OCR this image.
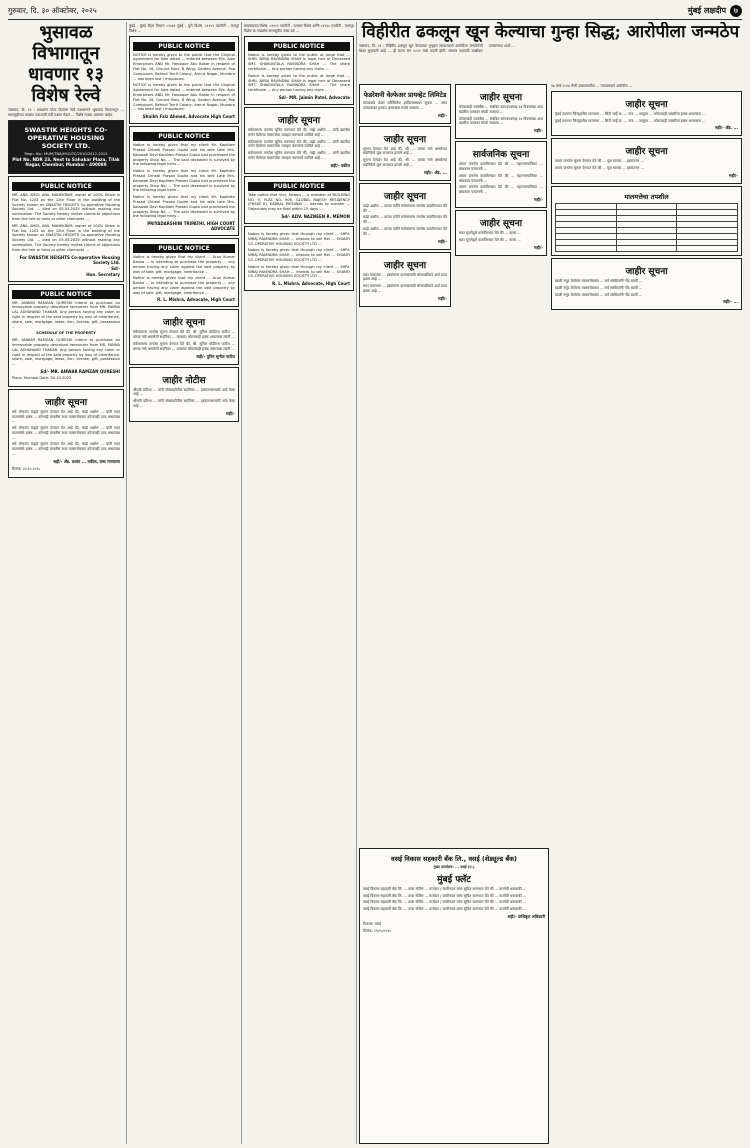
गुरुवार, दि. ३० ऑक्टोबर, २०२५	मुंबई लक्षदीप ७

भुसावळ विभागातून धावणार १३ विशेष रेल्वे

जळगाव, दि. २९ : प्रवाशांना मोठा दिलासा रेल्वे प्रशासनाने भुसावळ विभागातून ... सणासुदीच्या काळात प्रवाशांची गर्दी लक्षात घेऊन ... विशेष गाड्या धावणार आहेत.

SWASTIK HEIGHTS CO-OPERATIVE HOUSING SOCIETY LTD.

Regn. No.: MUM/TNA/HSG/TC/2010/2012-2013

Plot No. NDR 23, Next to Sahakar Plaza, Tilak Nagar, Chembur, Mumbai - 400089

PUBLIC NOTICE

MR. ANIL AMOL ANIL MANEKRAM, owner of 100% Share in Flat No. 1203 on the 12th Floor in the building of the Society known as SWASTIK HEIGHTS Co-operative Housing Society Ltd. ... died on 05.05.2025 without making any nomination. The Society hereby invites claims or objections from the heir or heirs or other claimants ...

MR. ANIL AMOL ANIL MANEKRAM, owner of 100% Share in Flat No. 1203 on the 12th Floor in the building of the Society known as SWASTIK HEIGHTS Co-operative Housing Society Ltd. ... died on 05.05.2025 without making any nomination. The Society hereby invites claims or objections from the heir or heirs or other claimants ...

For SWASTIK HEIGHTS Co-operative Housing Society Ltd.

Sd/-

Hon. Secretary

PUBLIC NOTICE

MR. ANWAR RAMZAN QURESHI intend to purchase an immovable property described hereunder from MR. PANNA LAL ASHANAND THAKAR. Any person having any claim or right in respect of the said property by way of inheritance, share, sale, mortgage, lease, lien, license, gift, possession ...

SCHEDULE OF THE PROPERTY

MR. ANWAR RAMZAN QURESHI intend to purchase an immovable property described hereunder from MR. PANNA LAL ASHANAND THAKAR. Any person having any claim or right in respect of the said property by way of inheritance, share, sale, mortgage, lease, lien, license, gift, possession ...

Sd/- MR. ANWAR RAMZAN QURESHI

Place: Mumbai Date: 30-10-2025

जाहीर सूचना

सर्व लोकांना याद्वारे सूचना देण्यात येत आहे की, माझे अशील ... यांनी सदर मालमत्तेचे हक्क ... कोणाही व्यक्तीस सदर मालमत्तेबाबत कोणताही दावा असल्यास ...

सर्व लोकांना याद्वारे सूचना देण्यात येत आहे की, माझे अशील ... यांनी सदर मालमत्तेचे हक्क ... कोणाही व्यक्तीस सदर मालमत्तेबाबत कोणताही दावा असल्यास ...

सर्व लोकांना याद्वारे सूचना देण्यात येत आहे की, माझे अशील ... यांनी सदर मालमत्तेचे हक्क ... कोणाही व्यक्तीस सदर मालमत्तेबाबत कोणताही दावा असल्यास ...

सही/- ॲड. प्रशांत ... वकील, उच्च न्यायालय

दिनांक: ३०.१०.२०२५

मुंबई - मुंबई सेंट्रल विभाग ०१०७१ मुंबई - पुणे विशेष, ०११२१ एलटीटी - नागपूर विशेष ...

PUBLIC NOTICE

NOTICE is hereby given to the public that the Original Agreement for Sale dated ... entered between M/s. Ajax Enterprises AND Mr. Farooque Abu Bakar in respect of Flat No. 16, Ground floor, B Wing, Garden Avenue, Pop Compound, Behind Tarrif Colony, Amrut Nagar, Mumbra ... has been lost / misplaced.

NOTICE is hereby given to the public that the Original Agreement for Sale dated ... entered between M/s. Ajax Enterprises AND Mr. Farooque Abu Bakar in respect of Flat No. 16, Ground floor, B Wing, Garden Avenue, Pop Compound, Behind Tarrif Colony, Amrut Nagar, Mumbra ... has been lost / misplaced.

Shaikh Faiz Ahmed, Advocate High Court

PUBLIC NOTICE

Notice is hereby given that my client Mr. Kapildev Prasad Chhedi Prasad Gupta and his wife Late Mrs. Kalawati Devi Kapildev Prasad Gupta had purchased the property Shop No. ... The said deceased is survived by the following legal heirs ...

Notice is hereby given that my client Mr. Kapildev Prasad Chhedi Prasad Gupta and his wife Late Mrs. Kalawati Devi Kapildev Prasad Gupta had purchased the property Shop No. ... The said deceased is survived by the following legal heirs ...

Notice is hereby given that my client Mr. Kapildev Prasad Chhedi Prasad Gupta and his wife Late Mrs. Kalawati Devi Kapildev Prasad Gupta had purchased the property Shop No. ... The said deceased is survived by the following legal heirs ...

PRIYADARSHINI TRIPATHI, HIGH COURT ADVOCATE

PUBLIC NOTICE

Notice is hereby given that my client ... Arun Kumar Banka ... is intending to purchase the property ... any person having any claim against the said property by way of sale, gift, mortgage, inheritance ...

Notice is hereby given that my client ... Arun Kumar Banka ... is intending to purchase the property ... any person having any claim against the said property by way of sale, gift, mortgage, inheritance ...

R. L. Mishra, Advocate, High Court

जाहीर सूचना

सर्वसामान्य जनतेस सूचना देण्यात येते की, श्री. सुनिल धोंडीराम पाटील ... यांच्या नावे असलेली सदनिका ... याबाबत कोणाचाही हक्क असल्यास त्यांनी ...

सर्वसामान्य जनतेस सूचना देण्यात येते की, श्री. सुनिल धोंडीराम पाटील ... यांच्या नावे असलेली सदनिका ... याबाबत कोणाचाही हक्क असल्यास त्यांनी ...

सही/- पुनित सुनील पाटील

जाहीर नोटीस

श्रीमती प्रतिभा ... यांनी सोसायटीतील सदनिका ... हस्तांतरणासाठी अर्ज केला आहे ...

श्रीमती प्रतिभा ... यांनी सोसायटीतील सदनिका ... हस्तांतरणासाठी अर्ज केला आहे ...

सही/-

ग्रामपंचायत विशेष, ०११०९ एलटीटी - बनारस विशेष आणि ०२१३० एलटीटी - दानापूर विशेष या गाड्यांना सणासुदीत जादा डबे ...

PUBLIC NOTICE

Notice is hereby given to the public at large that ... SHRI. NIRAJ RAVINDRA SHAH is legal heir of Deceased SMT. SHAKUNTALA RAVINDRA SHAH ... The share certificate ... Any person having any claim ...

Notice is hereby given to the public at large that ... SHRI. NIRAJ RAVINDRA SHAH is legal heir of Deceased SMT. SHAKUNTALA RAVINDRA SHAH ... The share certificate ... Any person having any claim ...

Sd/- MR. Jaimin Patel, Advocate

जाहीर सूचना

सर्वसामान्य जनतेस सूचित करण्यात येते की, माझे अशील ... यांनी खालील वर्णन केलेल्या मालमत्तेचा व्यवहार करण्याचे ठरविले आहे ...

सर्वसामान्य जनतेस सूचित करण्यात येते की, माझे अशील ... यांनी खालील वर्णन केलेल्या मालमत्तेचा व्यवहार करण्याचे ठरविले आहे ...

सर्वसामान्य जनतेस सूचित करण्यात येते की, माझे अशील ... यांनी खालील वर्णन केलेल्या मालमत्तेचा व्यवहार करण्याचे ठरविले आहे ...

सही/- वकील

PUBLIC NOTICE

Take notice that Shri. Farooq ... a member of BUILDING NO. 9, FLAT NO. 906, GLOBAL RAJESH RESIDENCY (PHASE II), KABRAL PATHWAY ... intends to transfer ... Objections may be filed within 15 days ...

Sd/- ADV. NAZNEEN R. MEMON

Notice is hereby given that through my client ... SHRI. NIRAJ RAVINDRA SHAH ... intends to sell flat ... SHANTI CO-OPERATIVE HOUSING SOCIETY LTD ...

Notice is hereby given that through my client ... SHRI. NIRAJ RAVINDRA SHAH ... intends to sell flat ... SHANTI CO-OPERATIVE HOUSING SOCIETY LTD ...

Notice is hereby given that through my client ... SHRI. NIRAJ RAVINDRA SHAH ... intends to sell flat ... SHANTI CO-OPERATIVE HOUSING SOCIETY LTD ...

R. L. Mishra, Advocate, High Court

विहीरीत ढकलून खून केल्याचा गुन्हा सिद्ध; आरोपीला जन्मठेप

जळगाव, दि. २९ : विहिरीत ढकलून खून केल्याच्या गुन्ह्यात न्यायालयाने आरोपीला जन्मठेपेची शिक्षा सुनावली आहे ... ही घटना सन २०२१ मध्ये घडली होती. सरकार पक्षातर्फे साक्षीदार तपासण्यात आले ...

फेडरेशनी वेल्फेअर प्रायव्हेट लिमिटेड

यांच्याकडे शेअर सर्टिफिकेट हरविल्याबाबत सूचना ... सदर दाव्याबाबत हरकत असल्यास संपर्क साधावा ...

सही/-

जाहीर सूचना

सूचना देण्यात येत आहे की, श्री. ... यांच्या नावे असलेल्या सदनिकेचे मूळ करारपत्र हरवले आहे ...

सूचना देण्यात येत आहे की, श्री. ... यांच्या नावे असलेल्या सदनिकेचे मूळ करारपत्र हरवले आहे ...

सही/- ॲड. ...

जाहीर सूचना

माझे अशील ... यांच्या वतीने सर्वसामान्य जनतेस कळविण्यात येते की ...

माझे अशील ... यांच्या वतीने सर्वसामान्य जनतेस कळविण्यात येते की ...

माझे अशील ... यांच्या वतीने सर्वसामान्य जनतेस कळविण्यात येते की ...

सही/-

जाहीर सूचना

सदर मालमत्ता ... हस्तांतरण करण्यासाठी सोसायटीकडे अर्ज प्राप्त झाला आहे ...

सदर मालमत्ता ... हस्तांतरण करण्यासाठी सोसायटीकडे अर्ज प्राप्त झाला आहे ...

सही/-

जाहीर सूचना

कोणत्याही व्यक्तीस ... संबंधित कागदपत्रांसह १४ दिवसांच्या आत खालील पत्त्यावर संपर्क साधावा ...

कोणत्याही व्यक्तीस ... संबंधित कागदपत्रांसह १४ दिवसांच्या आत खालील पत्त्यावर संपर्क साधावा ...

सही/-

सार्वजनिक सूचना

तमाम जनतेस कळविण्यात येते की ... महानगरपालिका ... बांधकाम परवानगी ...

तमाम जनतेस कळविण्यात येते की ... महानगरपालिका ... बांधकाम परवानगी ...

तमाम जनतेस कळविण्यात येते की ... महानगरपालिका ... बांधकाम परवानगी ...

सही/-

जाहीर सूचना

सदर सूचनेद्वारे कळविण्यात येते की ... वारस ...

सदर सूचनेद्वारे कळविण्यात येते की ... वारस ...

सही/-

वसई विकास सहकारी बँक लि., वसई (शेड्यूल्ड बँक)

मुख्य कार्यालय: ... वसई (प.)

मुंबई फ्लॅट

वसई विकास सहकारी बँक लि. ... ताबा नोटीस ... कर्जदार / जामीनदार यांना सूचित करण्यात येते की ... कर्जाची थकबाकी ...

वसई विकास सहकारी बँक लि. ... ताबा नोटीस ... कर्जदार / जामीनदार यांना सूचित करण्यात येते की ... कर्जाची थकबाकी ...

वसई विकास सहकारी बँक लि. ... ताबा नोटीस ... कर्जदार / जामीनदार यांना सूचित करण्यात येते की ... कर्जाची थकबाकी ...

वसई विकास सहकारी बँक लि. ... ताबा नोटीस ... कर्जदार / जामीनदार यांना सूचित करण्यात येते की ... कर्जाची थकबाकी ...

सही/- प्राधिकृत अधिकारी

ठिकाण: वसई

दिनांक: २९/१०/२०२५

२७ मार्च २०२४ रोजी जळगावातील ... न्यायालयाने आरोपीस ...

जाहीर सूचना

मुंबई उपनगर जिल्ह्यातील मालमत्ता ... सिटी सर्व्हे क्र. ... गाव ... तालुका ... कोणत्याही व्यक्तीचा हक्क असल्यास ...

मुंबई उपनगर जिल्ह्यातील मालमत्ता ... सिटी सर्व्हे क्र. ... गाव ... तालुका ... कोणत्याही व्यक्तीचा हक्क असल्यास ...

सही/- ॲड. ...

जाहीर सूचना

तमाम जनतेस सूचना देण्यात येते की ... मूळ मालक ... हस्तांतरण ...

तमाम जनतेस सूचना देण्यात येते की ... मूळ मालक ... हस्तांतरण ...

सही/-

मालमत्तेचा तपशील

जाहीर सूचना

खाली नमूद केलेल्या मालमत्तेबाबत ... सर्व संबंधितांनी नोंद घ्यावी ...

खाली नमूद केलेल्या मालमत्तेबाबत ... सर्व संबंधितांनी नोंद घ्यावी ...

खाली नमूद केलेल्या मालमत्तेबाबत ... सर्व संबंधितांनी नोंद घ्यावी ...

सही/- ...
